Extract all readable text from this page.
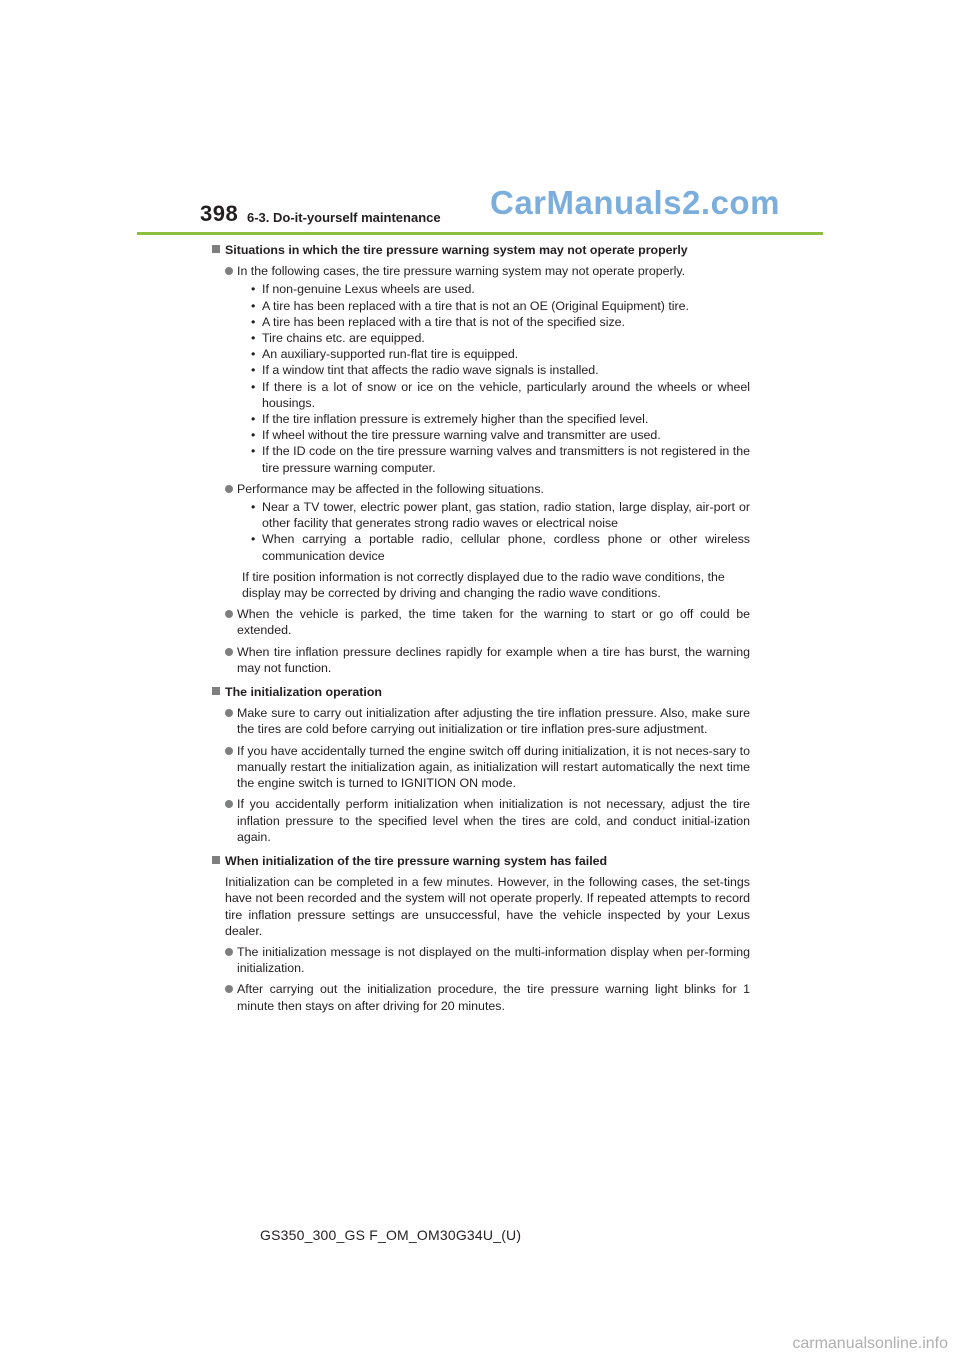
398 6-3. Do-it-yourself maintenance CarManuals2.com
Situations in which the tire pressure warning system may not operate properly
In the following cases, the tire pressure warning system may not operate properly.
• If non-genuine Lexus wheels are used.
• A tire has been replaced with a tire that is not an OE (Original Equipment) tire.
• A tire has been replaced with a tire that is not of the specified size.
• Tire chains etc. are equipped.
• An auxiliary-supported run-flat tire is equipped.
• If a window tint that affects the radio wave signals is installed.
• If there is a lot of snow or ice on the vehicle, particularly around the wheels or wheel housings.
• If the tire inflation pressure is extremely higher than the specified level.
• If wheel without the tire pressure warning valve and transmitter are used.
• If the ID code on the tire pressure warning valves and transmitters is not registered in the tire pressure warning computer.
Performance may be affected in the following situations.
• Near a TV tower, electric power plant, gas station, radio station, large display, air-port or other facility that generates strong radio waves or electrical noise
• When carrying a portable radio, cellular phone, cordless phone or other wireless communication device
If tire position information is not correctly displayed due to the radio wave conditions, the display may be corrected by driving and changing the radio wave conditions.
When the vehicle is parked, the time taken for the warning to start or go off could be extended.
When tire inflation pressure declines rapidly for example when a tire has burst, the warning may not function.
The initialization operation
Make sure to carry out initialization after adjusting the tire inflation pressure. Also, make sure the tires are cold before carrying out initialization or tire inflation pres-sure adjustment.
If you have accidentally turned the engine switch off during initialization, it is not neces-sary to manually restart the initialization again, as initialization will restart automatically the next time the engine switch is turned to IGNITION ON mode.
If you accidentally perform initialization when initialization is not necessary, adjust the tire inflation pressure to the specified level when the tires are cold, and conduct initial-ization again.
When initialization of the tire pressure warning system has failed
Initialization can be completed in a few minutes. However, in the following cases, the set-tings have not been recorded and the system will not operate properly. If repeated attempts to record tire inflation pressure settings are unsuccessful, have the vehicle inspected by your Lexus dealer.
The initialization message is not displayed on the multi-information display when per-forming initialization.
After carrying out the initialization procedure, the tire pressure warning light blinks for 1 minute then stays on after driving for 20 minutes.
GS350_300_GS F_OM_OM30G34U_(U)
carmanualsonline.info
